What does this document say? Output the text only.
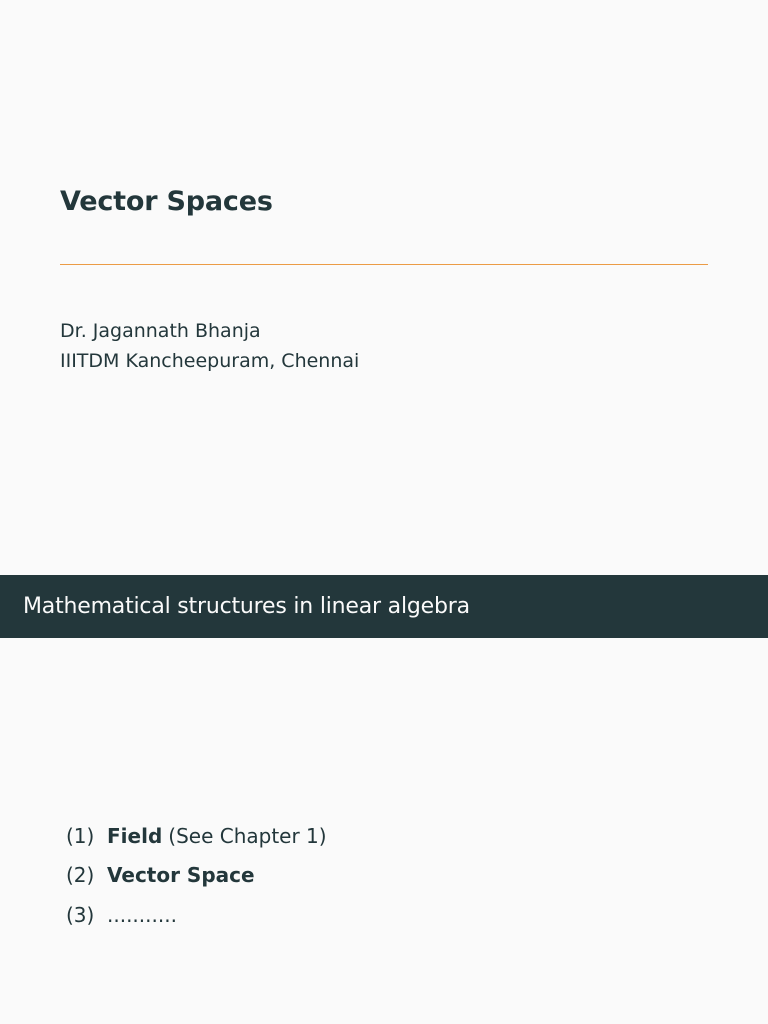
Vector Spaces
Dr. Jagannath Bhanja
IIITDM Kancheepuram, Chennai
Mathematical structures in linear algebra
(1) Field (See Chapter 1)
(2) Vector Space
(3) ...........
